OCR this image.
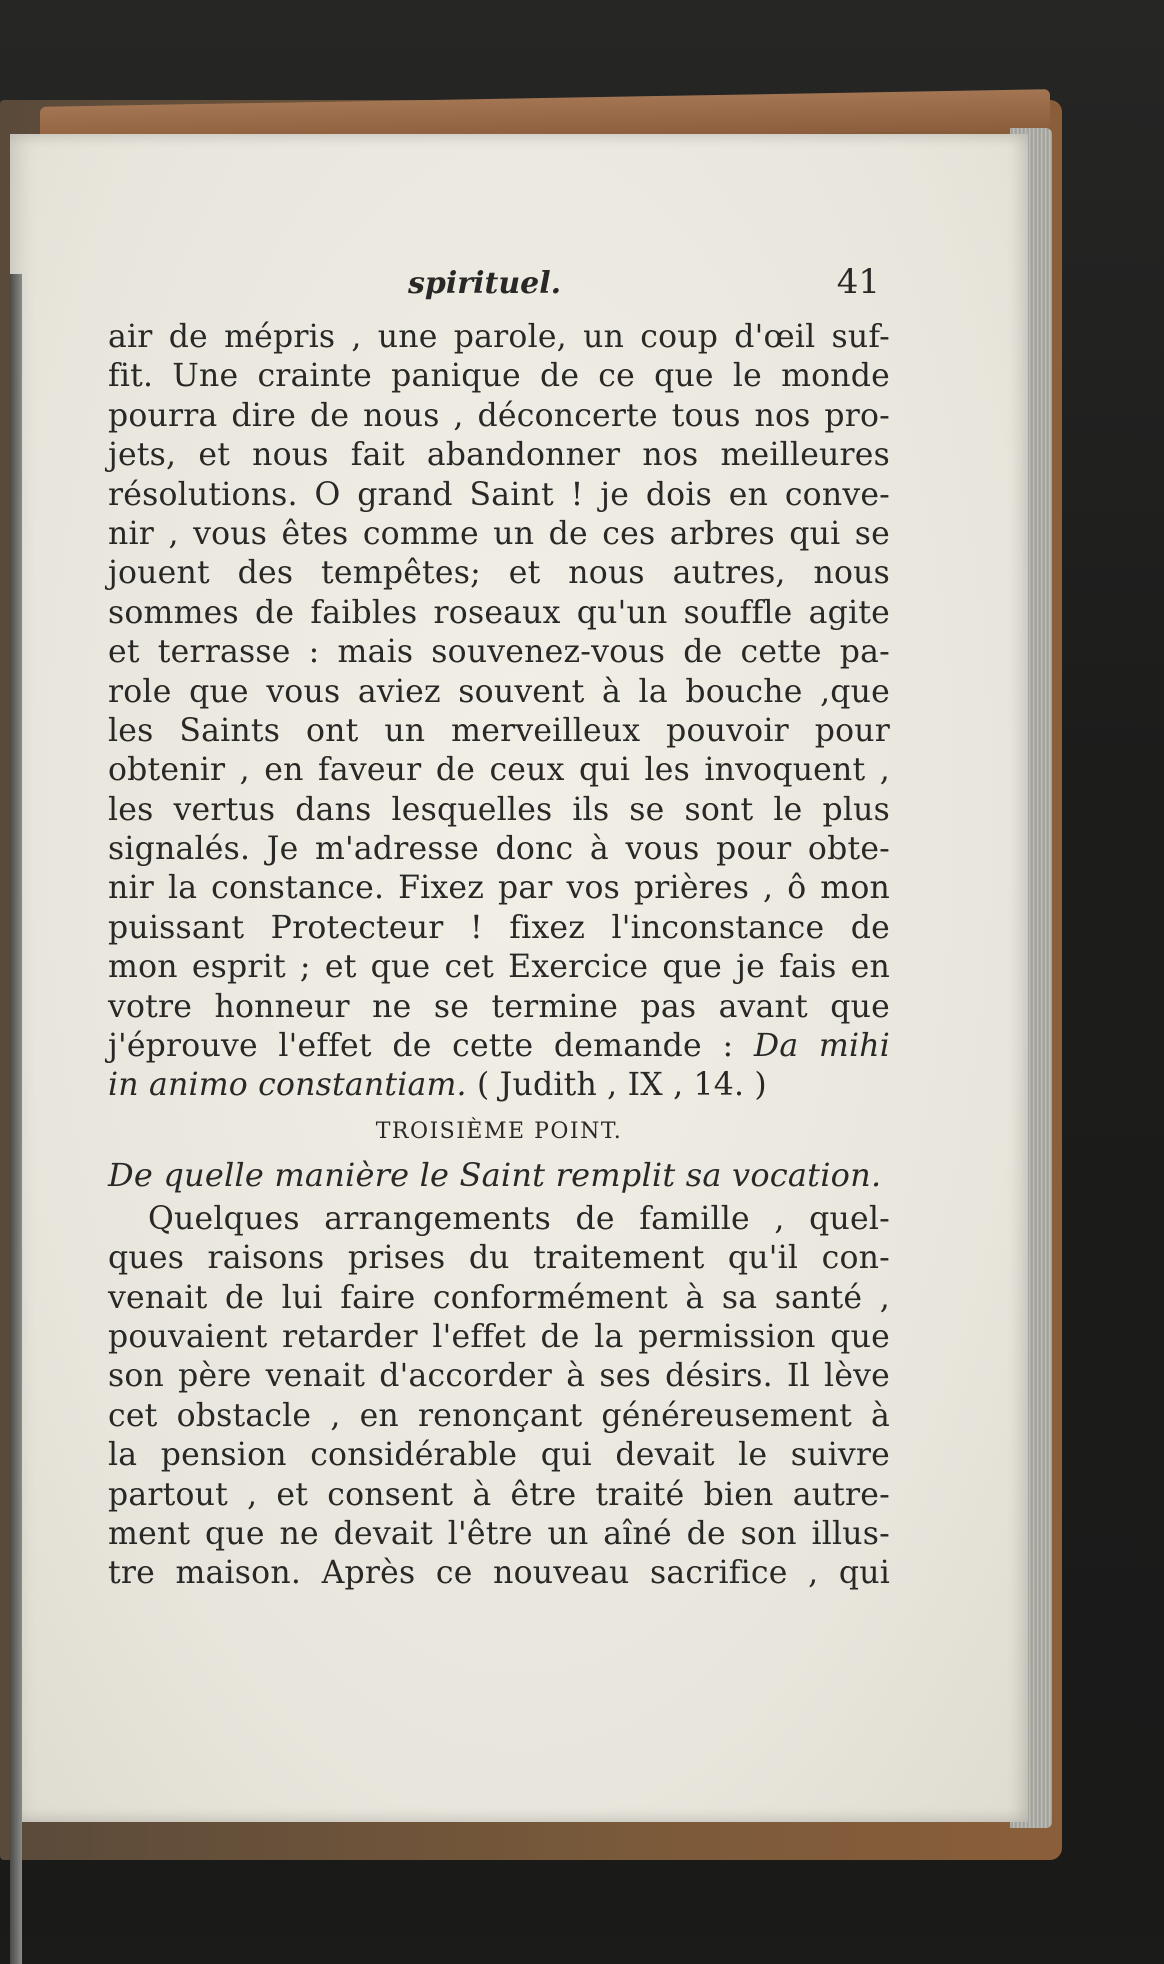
spirituel.	41
air de mépris , une parole, un coup d'œil suf-
fit. Une crainte panique de ce que le monde
pourra dire de nous , déconcerte tous nos pro-
jets, et nous fait abandonner nos meilleures
résolutions. O grand Saint ! je dois en conve-
nir , vous êtes comme un de ces arbres qui se
jouent des tempêtes; et nous autres, nous
sommes de faibles roseaux qu'un souffle agite
et terrasse : mais souvenez-vous de cette pa-
role que vous aviez souvent à la bouche ,que
les Saints ont un merveilleux pouvoir pour
obtenir , en faveur de ceux qui les invoquent ,
les vertus dans lesquelles ils se sont le plus
signalés. Je m'adresse donc à vous pour obte-
nir la constance. Fixez par vos prières , ô mon
puissant Protecteur ! fixez l'inconstance de
mon esprit ; et que cet Exercice que je fais en
votre honneur ne se termine pas avant que
j'éprouve l'effet de cette demande : Da mihi
in animo constantiam. ( Judith , IX , 14. )
TROISIÈME POINT.
De quelle manière le Saint remplit sa vocation.
Quelques arrangements de famille , quel-
ques raisons prises du traitement qu'il con-
venait de lui faire conformément à sa santé ,
pouvaient retarder l'effet de la permission que
son père venait d'accorder à ses désirs. Il lève
cet obstacle , en renonçant généreusement à
la pension considérable qui devait le suivre
partout , et consent à être traité bien autre-
ment que ne devait l'être un aîné de son illus-
tre maison. Après ce nouveau sacrifice , qui
